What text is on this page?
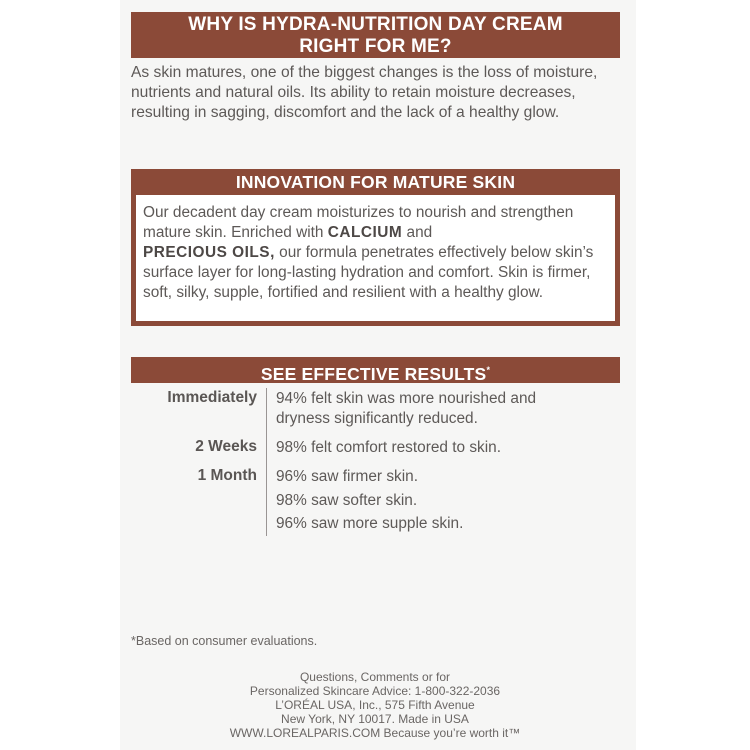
WHY IS HYDRA-NUTRITION DAY CREAM
RIGHT FOR ME?
As skin matures, one of the biggest changes is the loss of moisture, nutrients and natural oils. Its ability to retain moisture decreases, resulting in sagging, discomfort and the lack of a healthy glow.
INNOVATION FOR MATURE SKIN
Our decadent day cream moisturizes to nourish and strengthen mature skin. Enriched with CALCIUM and
PRECIOUS OILS, our formula penetrates effectively below skin’s surface layer for long-lasting hydration and comfort. Skin is firmer, soft, silky, supple, fortified and resilient with a healthy glow.
SEE EFFECTIVE RESULTS*
Immediately 94% felt skin was more nourished and
dryness significantly reduced.
2 Weeks 98% felt comfort restored to skin.
1 Month 96% saw firmer skin.
98% saw softer skin.
96% saw more supple skin.
*Based on consumer evaluations.
Questions, Comments or for
Personalized Skincare Advice: 1-800-322-2036
L’ORÉAL USA, Inc., 575 Fifth Avenue
New York, NY 10017. Made in USA
WWW.LOREALPARIS.COM Because you’re worth it™
